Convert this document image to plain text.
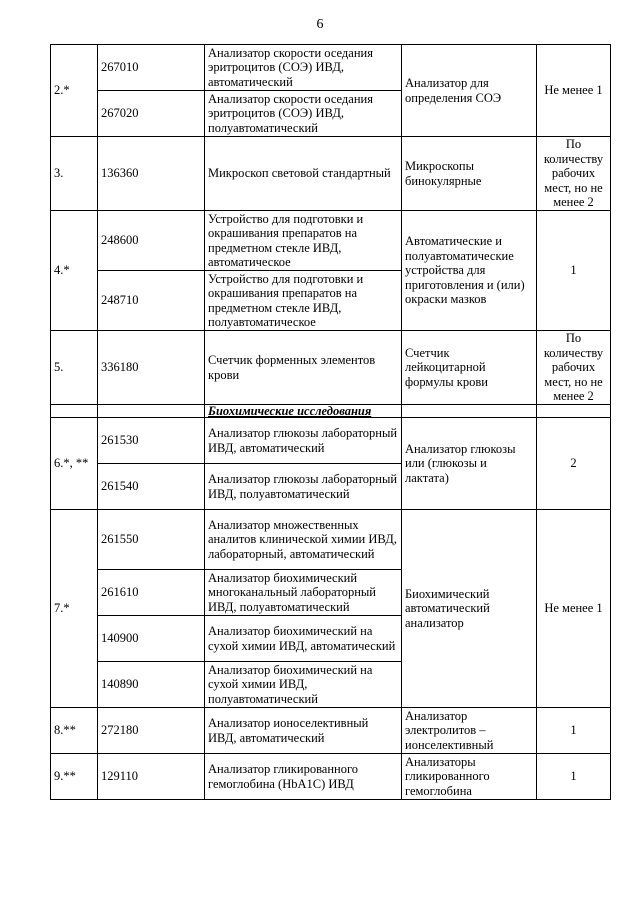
6
2.*	267010	Анализатор скорости оседания эритроцитов (СОЭ) ИВД, автоматический	Анализатор для определения СОЭ	Не менее 1
	267020	Анализатор скорости оседания эритроцитов (СОЭ) ИВД, полуавтоматический		
3.	136360	Микроскоп световой стандартный	Микроскопы бинокулярные	По количеству рабочих мест, но не менее 2
4.*	248600	Устройство для подготовки и окрашивания препаратов на предметном стекле ИВД, автоматическое	Автоматические и полуавтоматические устройства для приготовления и (или) окраски мазков	1
	248710	Устройство для подготовки и окрашивания препаратов на предметном стекле ИВД, полуавтоматическое		
5.	336180	Счетчик форменных элементов крови	Счетчик лейкоцитарной формулы крови	По количеству рабочих мест, но не менее 2
		Биохимические исследования		
6.*, **	261530	Анализатор глюкозы лабораторный ИВД, автоматический	Анализатор глюкозы или (глюкозы и лактата)	2
	261540	Анализатор глюкозы лабораторный ИВД, полуавтоматический		
7.*	261550	Анализатор множественных аналитов клинической химии ИВД, лабораторный, автоматический	Биохимический автоматический анализатор	Не менее 1
	261610	Анализатор биохимический многоканальный лабораторный ИВД, полуавтоматический		
	140900	Анализатор биохимический на сухой химии ИВД, автоматический		
	140890	Анализатор биохимический на сухой химии ИВД, полуавтоматический		
8.**	272180	Анализатор ионоселективный ИВД, автоматический	Анализатор электролитов – ионселективный	1
9.**	129110	Анализатор гликированного гемоглобина (HbA1C) ИВД	Анализаторы гликированного гемоглобина	1
